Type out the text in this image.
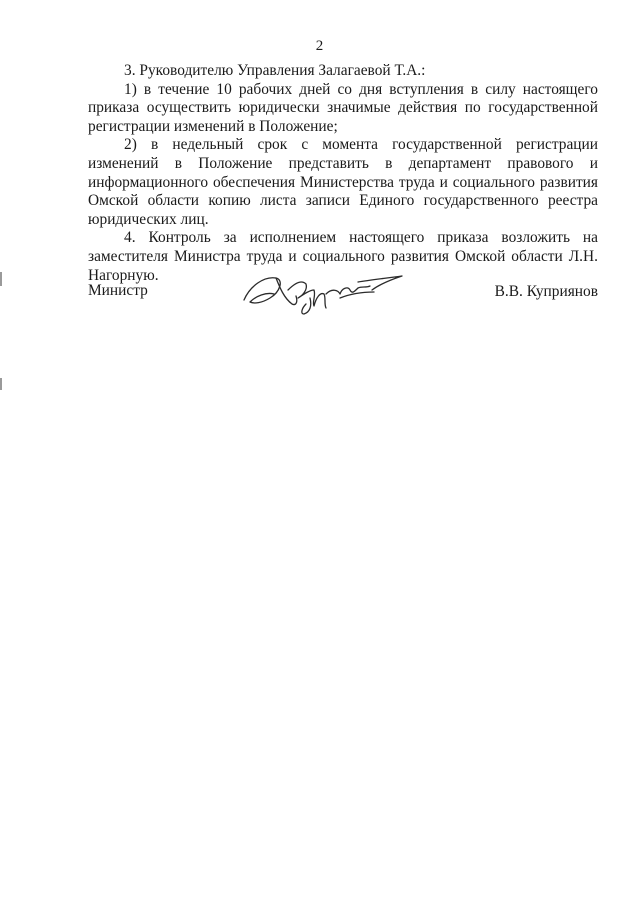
2

3. Руководителю Управления Залагаевой Т.А.:

1) в течение 10 рабочих дней со дня вступления в силу настоящего приказа осуществить юридически значимые действия по государственной регистрации изменений в Положение;

2) в недельный срок с момента государственной регистрации изменений в Положение представить в департамент правового и информационного обеспечения Министерства труда и социального развития Омской области копию листа записи Единого государственного реестра юридических лиц.

4. Контроль за исполнением настоящего приказа возложить на заместителя Министра труда и социального развития Омской области Л.Н. Нагорную.

Министр	В.В. Куприянов
